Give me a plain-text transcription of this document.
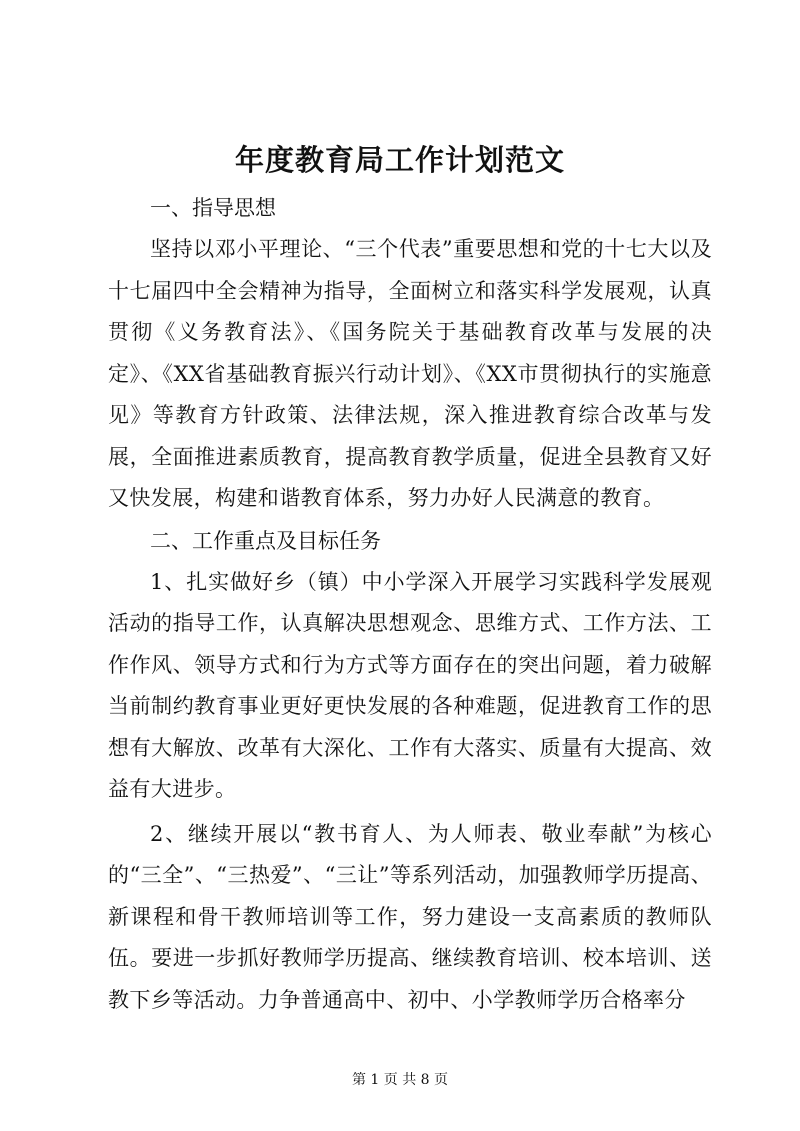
年度教育局工作计划范文

一、指导思想

坚持以邓小平理论、“三个代表”重要思想和党的十七大以及十七届四中全会精神为指导，全面树立和落实科学发展观，认真贯彻《义务教育法》、《国务院关于基础教育改革与发展的决定》、《XX省基础教育振兴行动计划》、《XX市贯彻执行的实施意见》等教育方针政策、法律法规，深入推进教育综合改革与发展，全面推进素质教育，提高教育教学质量，促进全县教育又好又快发展，构建和谐教育体系，努力办好人民满意的教育。

二、工作重点及目标任务

1、扎实做好乡（镇）中小学深入开展学习实践科学发展观活动的指导工作，认真解决思想观念、思维方式、工作方法、工作作风、领导方式和行为方式等方面存在的突出问题，着力破解当前制约教育事业更好更快发展的各种难题，促进教育工作的思想有大解放、改革有大深化、工作有大落实、质量有大提高、效益有大进步。

2、继续开展以“教书育人、为人师表、敬业奉献”为核心的“三全”、“三热爱”、“三让”等系列活动，加强教师学历提高、新课程和骨干教师培训等工作，努力建设一支高素质的教师队伍。要进一步抓好教师学历提高、继续教育培训、校本培训、送教下乡等活动。力争普通高中、初中、小学教师学历合格率分

第 1 页 共 8 页
